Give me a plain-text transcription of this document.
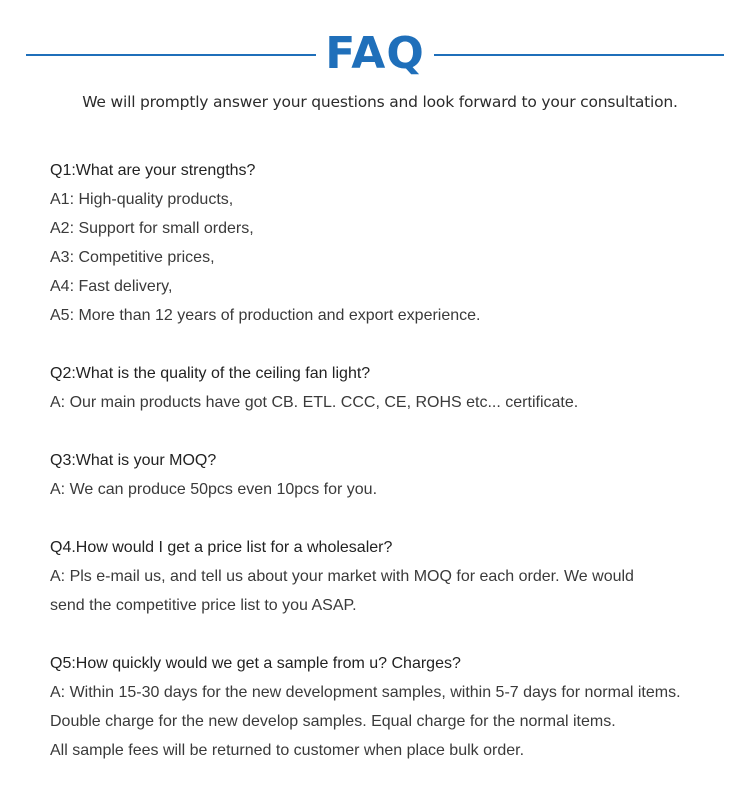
FAQ
We will promptly answer your questions and look forward to your consultation.
Q1:What are your strengths?
A1: High-quality products,
A2: Support for small orders,
A3: Competitive prices,
A4: Fast delivery,
A5: More than 12 years of production and export experience.
Q2:What is the quality of the ceiling fan light?
A: Our main products have got CB. ETL. CCC, CE, ROHS etc... certificate.
Q3:What is your MOQ?
A: We can produce 50pcs even 10pcs for you.
Q4.How would I get a price list for a wholesaler?
A: Pls e-mail us, and tell us about your market with MOQ for each order. We would
send the competitive price list to you ASAP.
Q5:How quickly would we get a sample from u? Charges?
A: Within 15-30 days for the new development samples, within 5-7 days for normal items.
Double charge for the new develop samples. Equal charge for the normal items.
All sample fees will be returned to customer when place bulk order.
